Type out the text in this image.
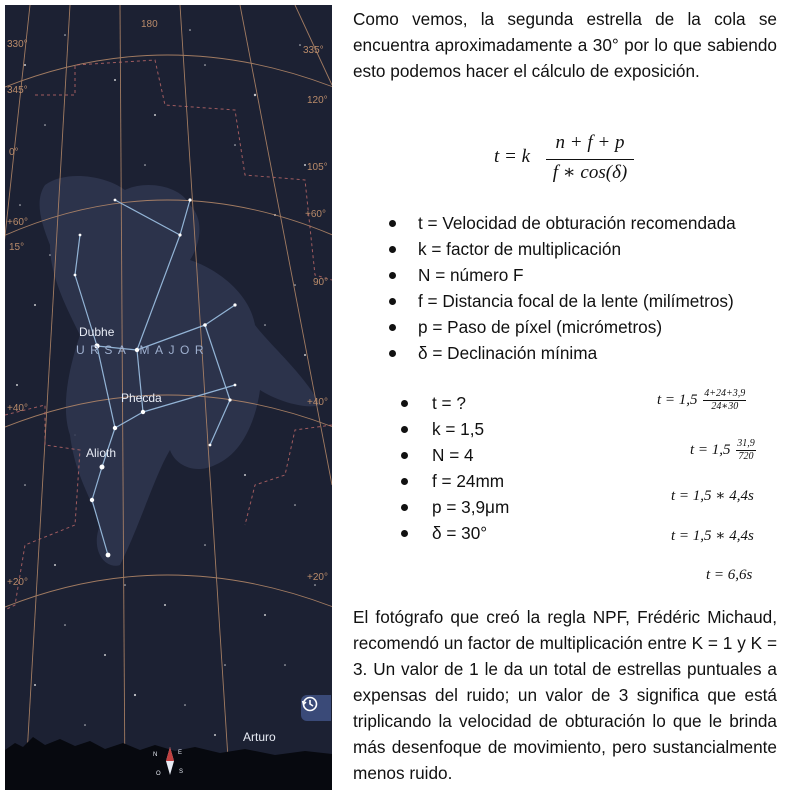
Dubhe
Phecda
Alioth
Arturo
URSA MAJOR
180
330°
345°
0°
335°
120°
105°
+60°
+60°
15°
90°
+40°
+40°
+20°	+20°
N	E
S
O

Como vemos, la segunda estrella de la cola se encuentra aproximadamente a 30° por lo que sabiendo esto podemos hacer el cálculo de exposición.

t = k
n + f + p
f ∗ cos(δ)
t = Velocidad de obturación recomendada
k = factor de multiplicación
N = número F
f = Distancia focal de la lente (milímetros)
p = Paso de píxel (micrómetros)
δ = Declinación mínima
t = ?
k = 1,5
N = 4
f = 24mm
p = 3,9μm
δ = 30°
$t = 1,5 \frac{4+24+3,9}{24∗30}$
$t = 1,5 \frac{31,9}{720}$
t = 1,5 ∗ 4,4s
t = 1,5 ∗ 4,4s
t = 6,6s

El fotógrafo que creó la regla NPF, Frédéric Michaud, recomendó un factor de multiplicación entre K = 1 y K = 3. Un valor de 1 le da un total de estrellas puntuales a expensas del ruido; un valor de 3 significa que está triplicando la velocidad de obturación lo que le brinda más desenfoque de movimiento, pero sustancialmente menos ruido.
